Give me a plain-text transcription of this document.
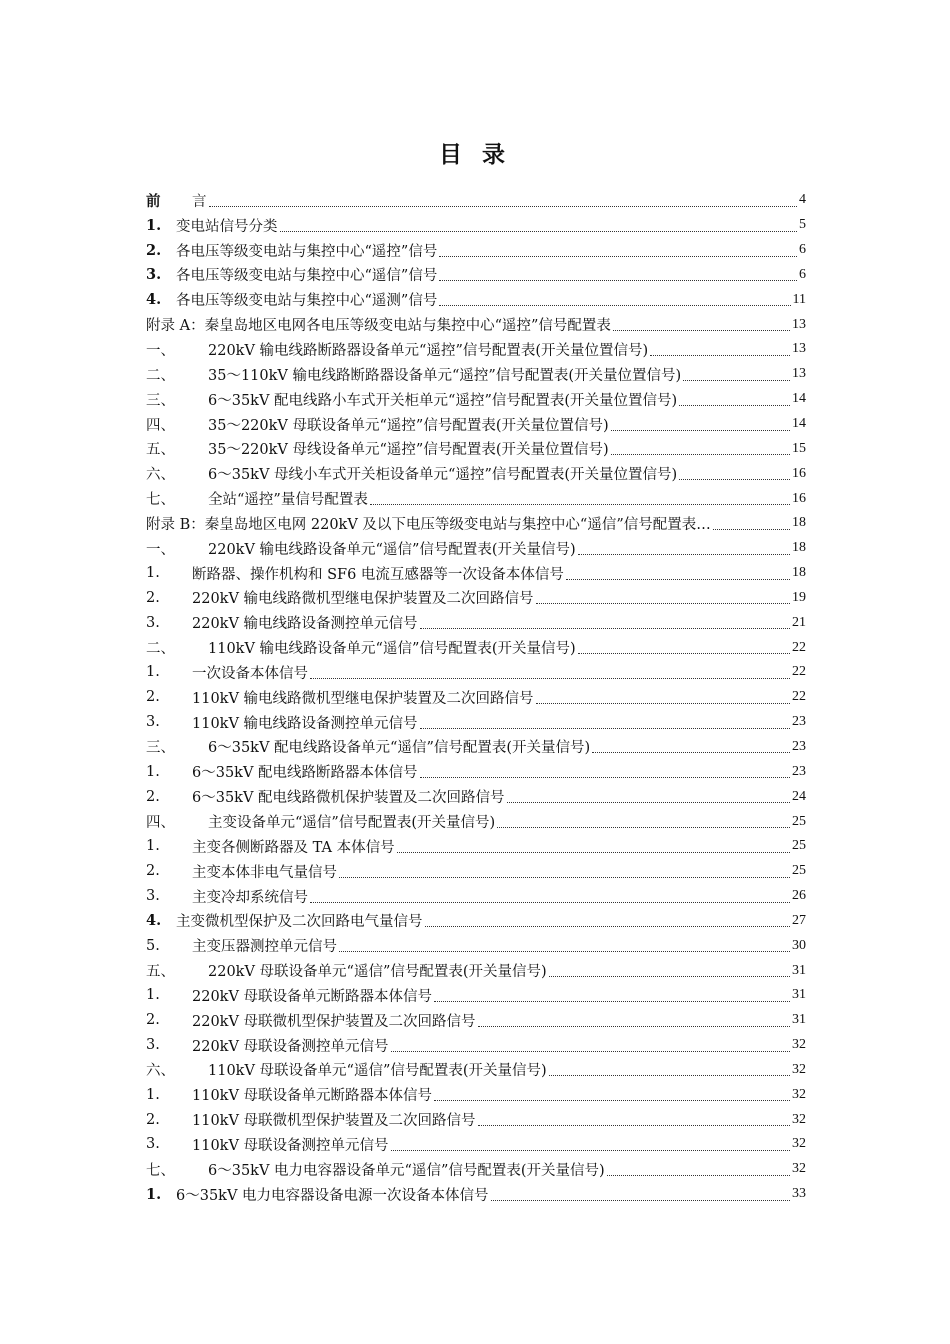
目 录
前	言	4
1.	变电站信号分类	5
2.	各电压等级变电站与集控中心“遥控”信号	6
3.	各电压等级变电站与集控中心“遥信”信号	6
4.	各电压等级变电站与集控中心“遥测”信号	11
附录 A：秦皇岛地区电网各电压等级变电站与集控中心“遥控”信号配置表	13
一、	220kV 输电线路断路器设备单元“遥控”信号配置表(开关量位置信号)	13
二、	35～110kV 输电线路断路器设备单元“遥控”信号配置表(开关量位置信号)	13
三、	6～35kV 配电线路小车式开关柜单元“遥控”信号配置表(开关量位置信号)	14
四、	35～220kV 母联设备单元“遥控”信号配置表(开关量位置信号)	14
五、	35～220kV 母线设备单元“遥控”信号配置表(开关量位置信号)	15
六、	6～35kV 母线小车式开关柜设备单元“遥控”信号配置表(开关量位置信号)	16
七、	全站“遥控”量信号配置表	16
附录 B：秦皇岛地区电网 220kV 及以下电压等级变电站与集控中心“遥信”信号配置表…	18
一、	220kV 输电线路设备单元“遥信”信号配置表(开关量信号)	18
1.	断路器、操作机构和 SF6 电流互感器等一次设备本体信号	18
2.	220kV 输电线路微机型继电保护装置及二次回路信号	19
3.	220kV 输电线路设备测控单元信号	21
二、	110kV 输电线路设备单元“遥信”信号配置表(开关量信号)	22
1.	一次设备本体信号	22
2.	110kV 输电线路微机型继电保护装置及二次回路信号	22
3.	110kV 输电线路设备测控单元信号	23
三、	6～35kV 配电线路设备单元“遥信”信号配置表(开关量信号)	23
1.	6～35kV 配电线路断路器本体信号	23
2.	6～35kV 配电线路微机保护装置及二次回路信号	24
四、	主变设备单元“遥信”信号配置表(开关量信号)	25
1.	主变各侧断路器及 TA 本体信号	25
2.	主变本体非电气量信号	25
3.	主变冷却系统信号	26
4.	主变微机型保护及二次回路电气量信号	27
5.	主变压器测控单元信号	30
五、	220kV 母联设备单元“遥信”信号配置表(开关量信号)	31
1.	220kV 母联设备单元断路器本体信号	31
2.	220kV 母联微机型保护装置及二次回路信号	31
3.	220kV 母联设备测控单元信号	32
六、	110kV 母联设备单元“遥信”信号配置表(开关量信号)	32
1.	110kV 母联设备单元断路器本体信号	32
2.	110kV 母联微机型保护装置及二次回路信号	32
3.	110kV 母联设备测控单元信号	32
七、	6～35kV 电力电容器设备单元“遥信”信号配置表(开关量信号)	32
1.	6～35kV 电力电容器设备电源一次设备本体信号	33
